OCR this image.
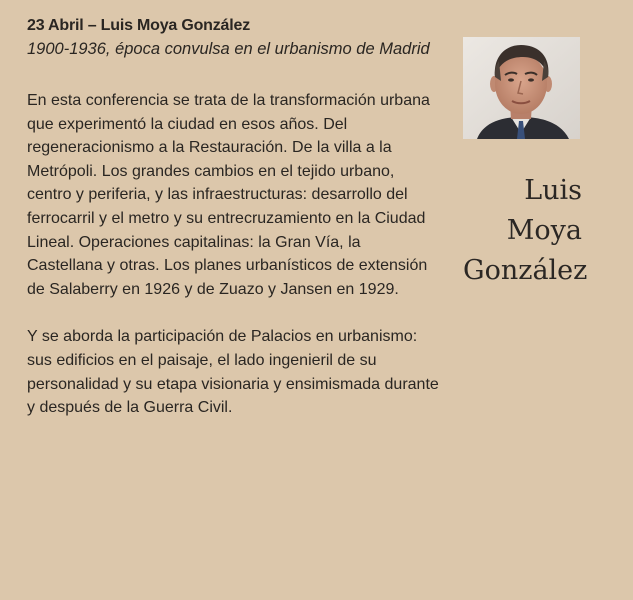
23 Abril – Luis Moya González

1900-1936, época convulsa en el urbanismo de Madrid

En esta conferencia se trata de la transformación urbana que experimentó la ciudad en esos años. Del regeneracionismo a la Restauración. De la villa a la Metrópoli. Los grandes cambios en el tejido urbano, centro y periferia, y las infraestructuras: desarrollo del ferrocarril y el metro y su entrecruzamiento en la Ciudad Lineal. Operaciones capitalinas: la Gran Vía, la Castellana y otras. Los planes urbanísticos de extensión de Salaberry en 1926 y de Zuazo y Jansen en 1929.

Y se aborda la participación de Palacios en urbanismo: sus edificios en el paisaje, el lado ingenieril de su personalidad y su etapa visionaria y ensimismada durante y después de la Guerra Civil.

Luis
Moya
González
